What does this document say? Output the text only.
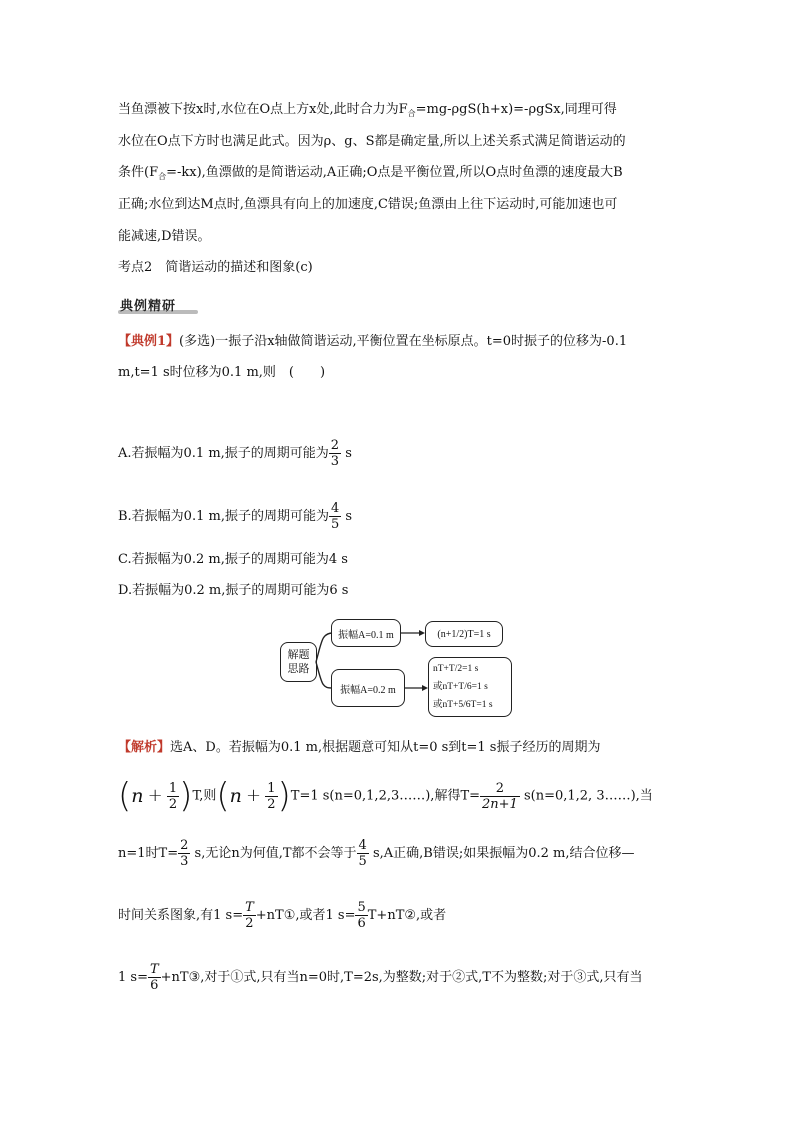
当鱼漂被下按x时,水位在O点上方x处,此时合力为$F_合=mg-\rho gS(h+x)=$-ρgSx,同理可得
水位在O点下方时也满足此式。因为ρ、g、S都是确定量,所以上述关系式满足简谐运动的
条件$(F_合=-kx)$,鱼漂做的是简谐运动,A正确;O点是平衡位置,所以O点时鱼漂的速度最大B
正确;水位到达M点时,鱼漂具有向上的加速度,C错误;鱼漂由上往下运动时,可能加速也可
能减速,D错误。
考点2　简谐运动的描述和图象(c)
典例精研
【典例1】(多选)一振子沿x轴做简谐运动,平衡位置在坐标原点。t=0时振子的位移为-0.1
m,t=1 s时位移为0.1 m,则　(　　)
A.若振幅为0.1 m,振子的周期可能为 $\frac{2}{3}$ s
B.若振幅为0.1 m,振子的周期可能为 $\frac{4}{5}$ s
C.若振幅为0.2 m,振子的周期可能为4 s
D.若振幅为0.2 m,振子的周期可能为6 s
解题
思路
振幅A=0.1 m
振幅A=0.2 m
(n+1/2)T=1 s
nT+T/2=1 s
或nT+T/6=1 s
或nT+5/6T=1 s
【解析】选A、D。若振幅为0.1 m,根据题意可知从t=0 s到t=1 s振子经历的周期为
$(n + \frac{1}{2} )T$,则$(n + \frac{1}{2} )T=1$ s(n=0,1,2,3……),解得$T= \frac{2}{2n+1} s(n=0,1,2$, 3……),当
n=1时$T= \frac{2}{3} s$,无论n为何值,T都不会等于 $\frac{4}{5} s,A$正确,B错误;如果振幅为0.2 m,结合位移—
时间关系图象,有1 $s= \frac{T}{2}$ +nT①,或者1 $s= \frac{5}{6}$ T+nT②,或者
1 $s= \frac{T}{6}$ +nT③,对于①式,只有当n=0时,T=2s,为整数;对于②式,T不为整数;对于③式,只有当
